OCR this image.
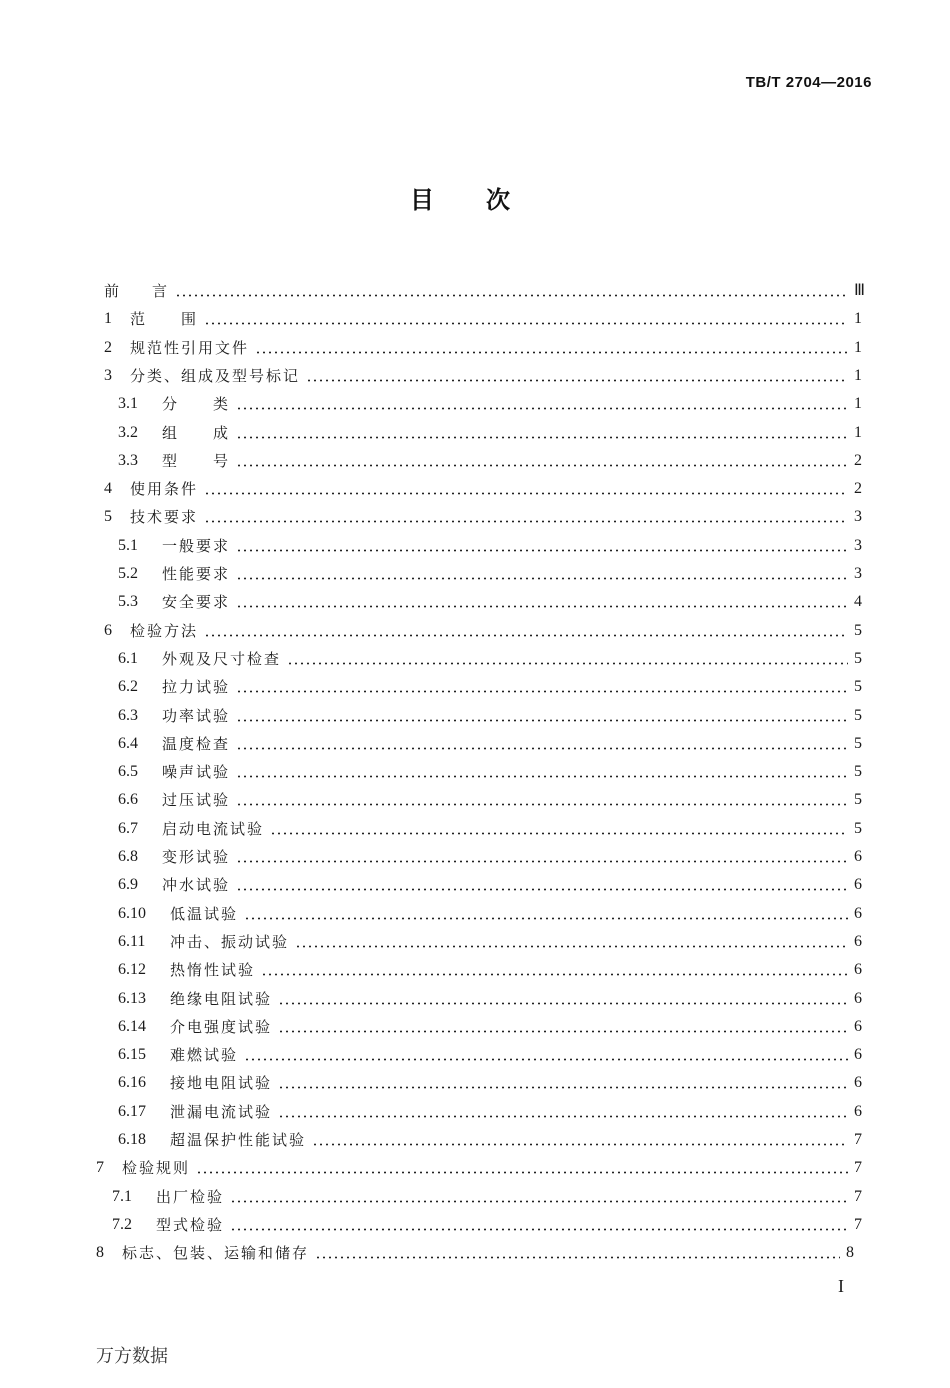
TB/T 2704—2016
目次
前	言	Ⅲ
1	范　　围	1
2	规范性引用文件	1
3	分类、组成及型号标记	1
3.1	分　　类	1
3.2	组　　成	1
3.3	型　　号	2
4	使用条件	2
5	技术要求	3
5.1	一般要求	3
5.2	性能要求	3
5.3	安全要求	4
6	检验方法	5
6.1	外观及尺寸检查	5
6.2	拉力试验	5
6.3	功率试验	5
6.4	温度检查	5
6.5	噪声试验	5
6.6	过压试验	5
6.7	启动电流试验	5
6.8	变形试验	6
6.9	冲水试验	6
6.10	低温试验	6
6.11	冲击、振动试验	6
6.12	热惰性试验	6
6.13	绝缘电阻试验	6
6.14	介电强度试验	6
6.15	难燃试验	6
6.16	接地电阻试验	6
6.17	泄漏电流试验	6
6.18	超温保护性能试验	7
7	检验规则	7
7.1	出厂检验	7
7.2	型式检验	7
8	标志、包装、运输和储存	8
I
万方数据
